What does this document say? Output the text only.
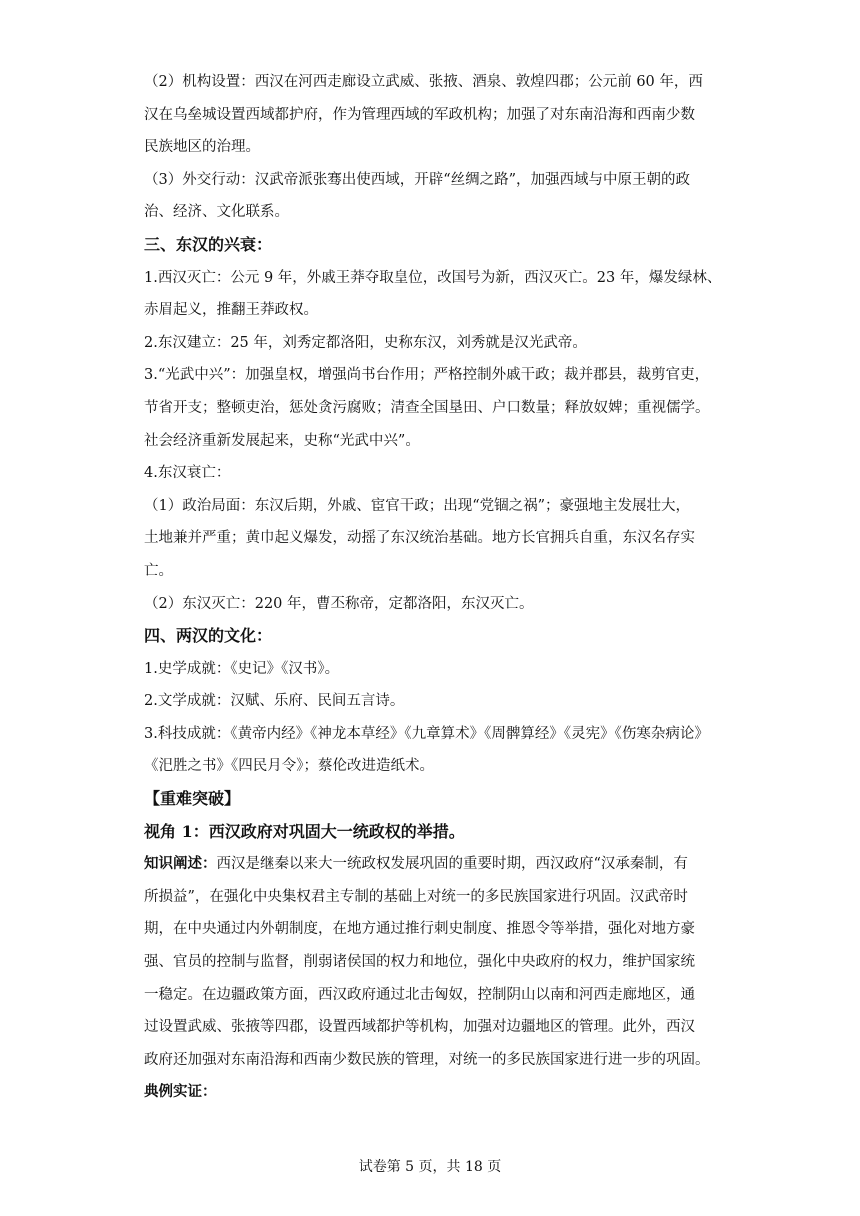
（2）机构设置：西汉在河西走廊设立武威、张掖、酒泉、敦煌四郡；公元前 60 年，西
汉在乌垒城设置西域都护府，作为管理西域的军政机构；加强了对东南沿海和西南少数
民族地区的治理。
（3）外交行动：汉武帝派张骞出使西域，开辟“丝绸之路”，加强西域与中原王朝的政
治、经济、文化联系。
三、东汉的兴衰：
1.西汉灭亡：公元 9 年，外戚王莽夺取皇位，改国号为新，西汉灭亡。23 年，爆发绿林、
赤眉起义，推翻王莽政权。
2.东汉建立：25 年，刘秀定都洛阳，史称东汉，刘秀就是汉光武帝。
3.“光武中兴”：加强皇权，增强尚书台作用；严格控制外戚干政；裁并郡县，裁剪官吏，
节省开支；整顿吏治，惩处贪污腐败；清查全国垦田、户口数量；释放奴婢；重视儒学。
社会经济重新发展起来，史称“光武中兴”。
4.东汉衰亡：
（1）政治局面：东汉后期，外戚、宦官干政；出现“党锢之祸”；豪强地主发展壮大，
土地兼并严重；黄巾起义爆发，动摇了东汉统治基础。地方长官拥兵自重，东汉名存实
亡。
（2）东汉灭亡：220 年，曹丕称帝，定都洛阳，东汉灭亡。
四、两汉的文化：
1.史学成就：《史记》《汉书》。
2.文学成就：汉赋、乐府、民间五言诗。
3.科技成就：《黄帝内经》《神龙本草经》《九章算术》《周髀算经》《灵宪》《伤寒杂病论》
《汜胜之书》《四民月令》；蔡伦改进造纸术。
【重难突破】
视角 1：西汉政府对巩固大一统政权的举措。
知识阐述：西汉是继秦以来大一统政权发展巩固的重要时期，西汉政府“汉承秦制，有
所损益”，在强化中央集权君主专制的基础上对统一的多民族国家进行巩固。汉武帝时
期，在中央通过内外朝制度，在地方通过推行刺史制度、推恩令等举措，强化对地方豪
强、官员的控制与监督，削弱诸侯国的权力和地位，强化中央政府的权力，维护国家统
一稳定。在边疆政策方面，西汉政府通过北击匈奴，控制阴山以南和河西走廊地区，通
过设置武威、张掖等四郡，设置西域都护等机构，加强对边疆地区的管理。此外，西汉
政府还加强对东南沿海和西南少数民族的管理，对统一的多民族国家进行进一步的巩固。
典例实证：
试卷第 5 页，共 18 页
